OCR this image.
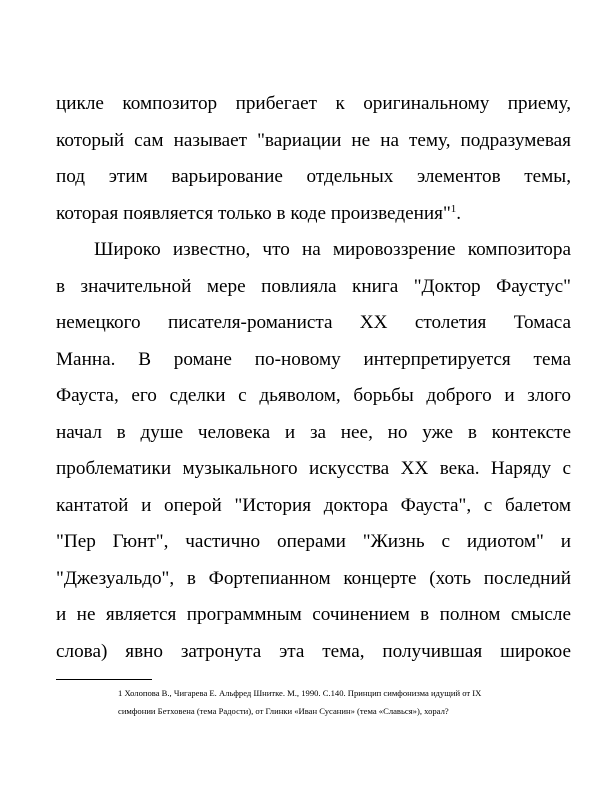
цикле композитор прибегает к оригинальному приему,
который сам называет "вариации не на тему, подразумевая
под этим варьирование отдельных элементов темы,
которая появляется только в коде произведения"$^1$.
Широко известно, что на мировоззрение композитора
в значительной мере повлияла книга "Доктор Фаустус"
немецкого писателя-романиста XX столетия Томаса
Манна. В романе по-новому интерпретируется тема
Фауста, его сделки с дьяволом, борьбы доброго и злого
начал в душе человека и за нее, но уже в контексте
проблематики музыкального искусства XX века. Наряду с
кантатой и оперой "История доктора Фауста", с балетом
"Пер Гюнт", частично операми "Жизнь с идиотом" и
"Джезуальдо", в Фортепианном концерте (хоть последний
и не является программным сочинением в полном смысле
слова) явно затронута эта тема, получившая широкое
1 Холопова В., Чигарева Е. Альфред Шнитке. М., 1990. С.140. Принцип симфонизма идущий от IX
симфонии Бетховена (тема Радости), от Глинки «Иван Сусанин» (тема «Славься»), хорал?
